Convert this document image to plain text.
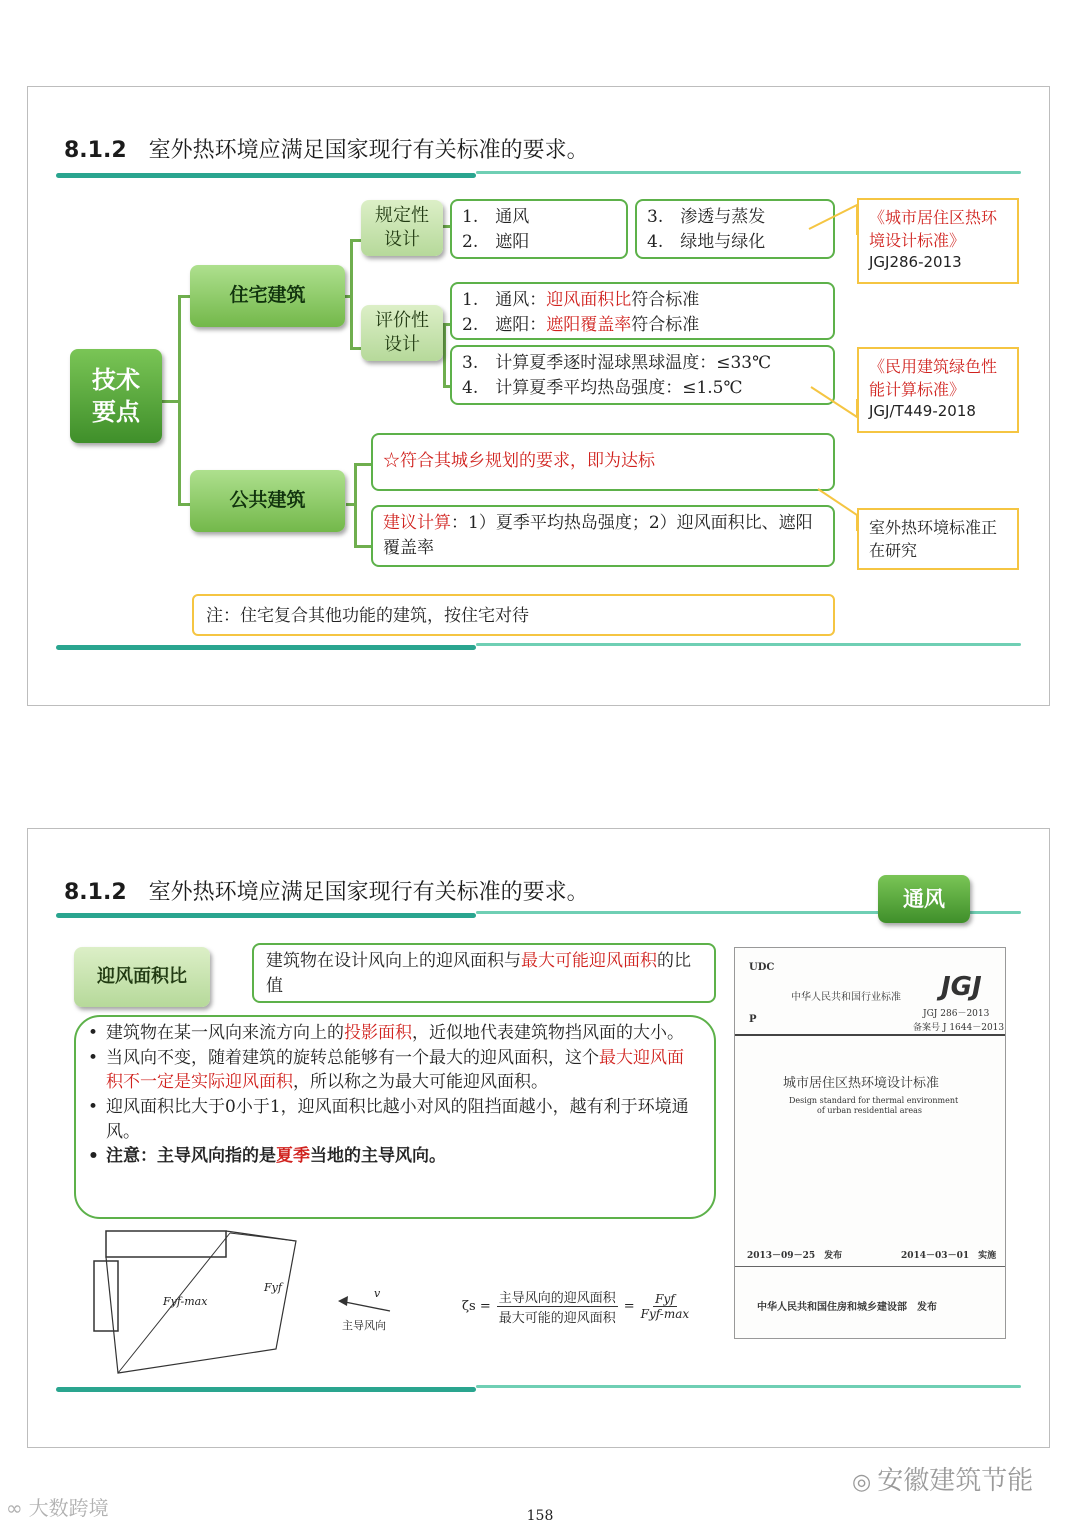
8.1.2 室外热环境应满足国家现行有关标准的要求。
技术
要点
住宅建筑
公共建筑
规定性
设计
评价性
设计
1.　通风
2.　遮阳
3.　渗透与蒸发
4.　绿地与绿化
1.　通风：迎风面积比符合标准
2.　遮阳：遮阳覆盖率符合标准
3.　计算夏季逐时湿球黑球温度：≤33℃
4.　计算夏季平均热岛强度：≤1.5℃
☆符合其城乡规划的要求，即为达标
建议计算：1）夏季平均热岛强度；2）迎风面积比、遮阳覆盖率
注：住宅复合其他功能的建筑，按住宅对待
《城市居住区热环境设计标准》
JGJ286-2013
《民用建筑绿色性能计算标准》
JGJ/T449-2018
室外热环境标准正在研究
8.1.2 室外热环境应满足国家现行有关标准的要求。	通风
迎风面积比
建筑物在设计风向上的迎风面积与最大可能迎风面积的比值
• 建筑物在某一风向来流方向上的投影面积，近似地代表建筑物挡风面的大小。
• 当风向不变，随着建筑的旋转总能够有一个最大的迎风面积，这个最大迎风面积不一定是实际迎风面积，所以称之为最大可能迎风面积。
• 迎风面积比大于0小于1，迎风面积比越小对风的阻挡面越小，越有利于环境通风。
• 注意：主导风向指的是夏季当地的主导风向。
Fyf-max
Fyf	v
主导风向
ζs =
主导风向的迎风面积
最大可能的迎风面积
= Fyf
Fyf-max
UDC
中华人民共和国行业标准 JGJ
P	JGJ 286－2013
备案号 J 1644－2013
城市居住区热环境设计标准
Design standard for thermal environment
of urban residential areas
2013－09－25　发布	2014－03－01　实施
中华人民共和国住房和城乡建设部　发布
◎ 安徽建筑节能
∞ 大数跨境	158
